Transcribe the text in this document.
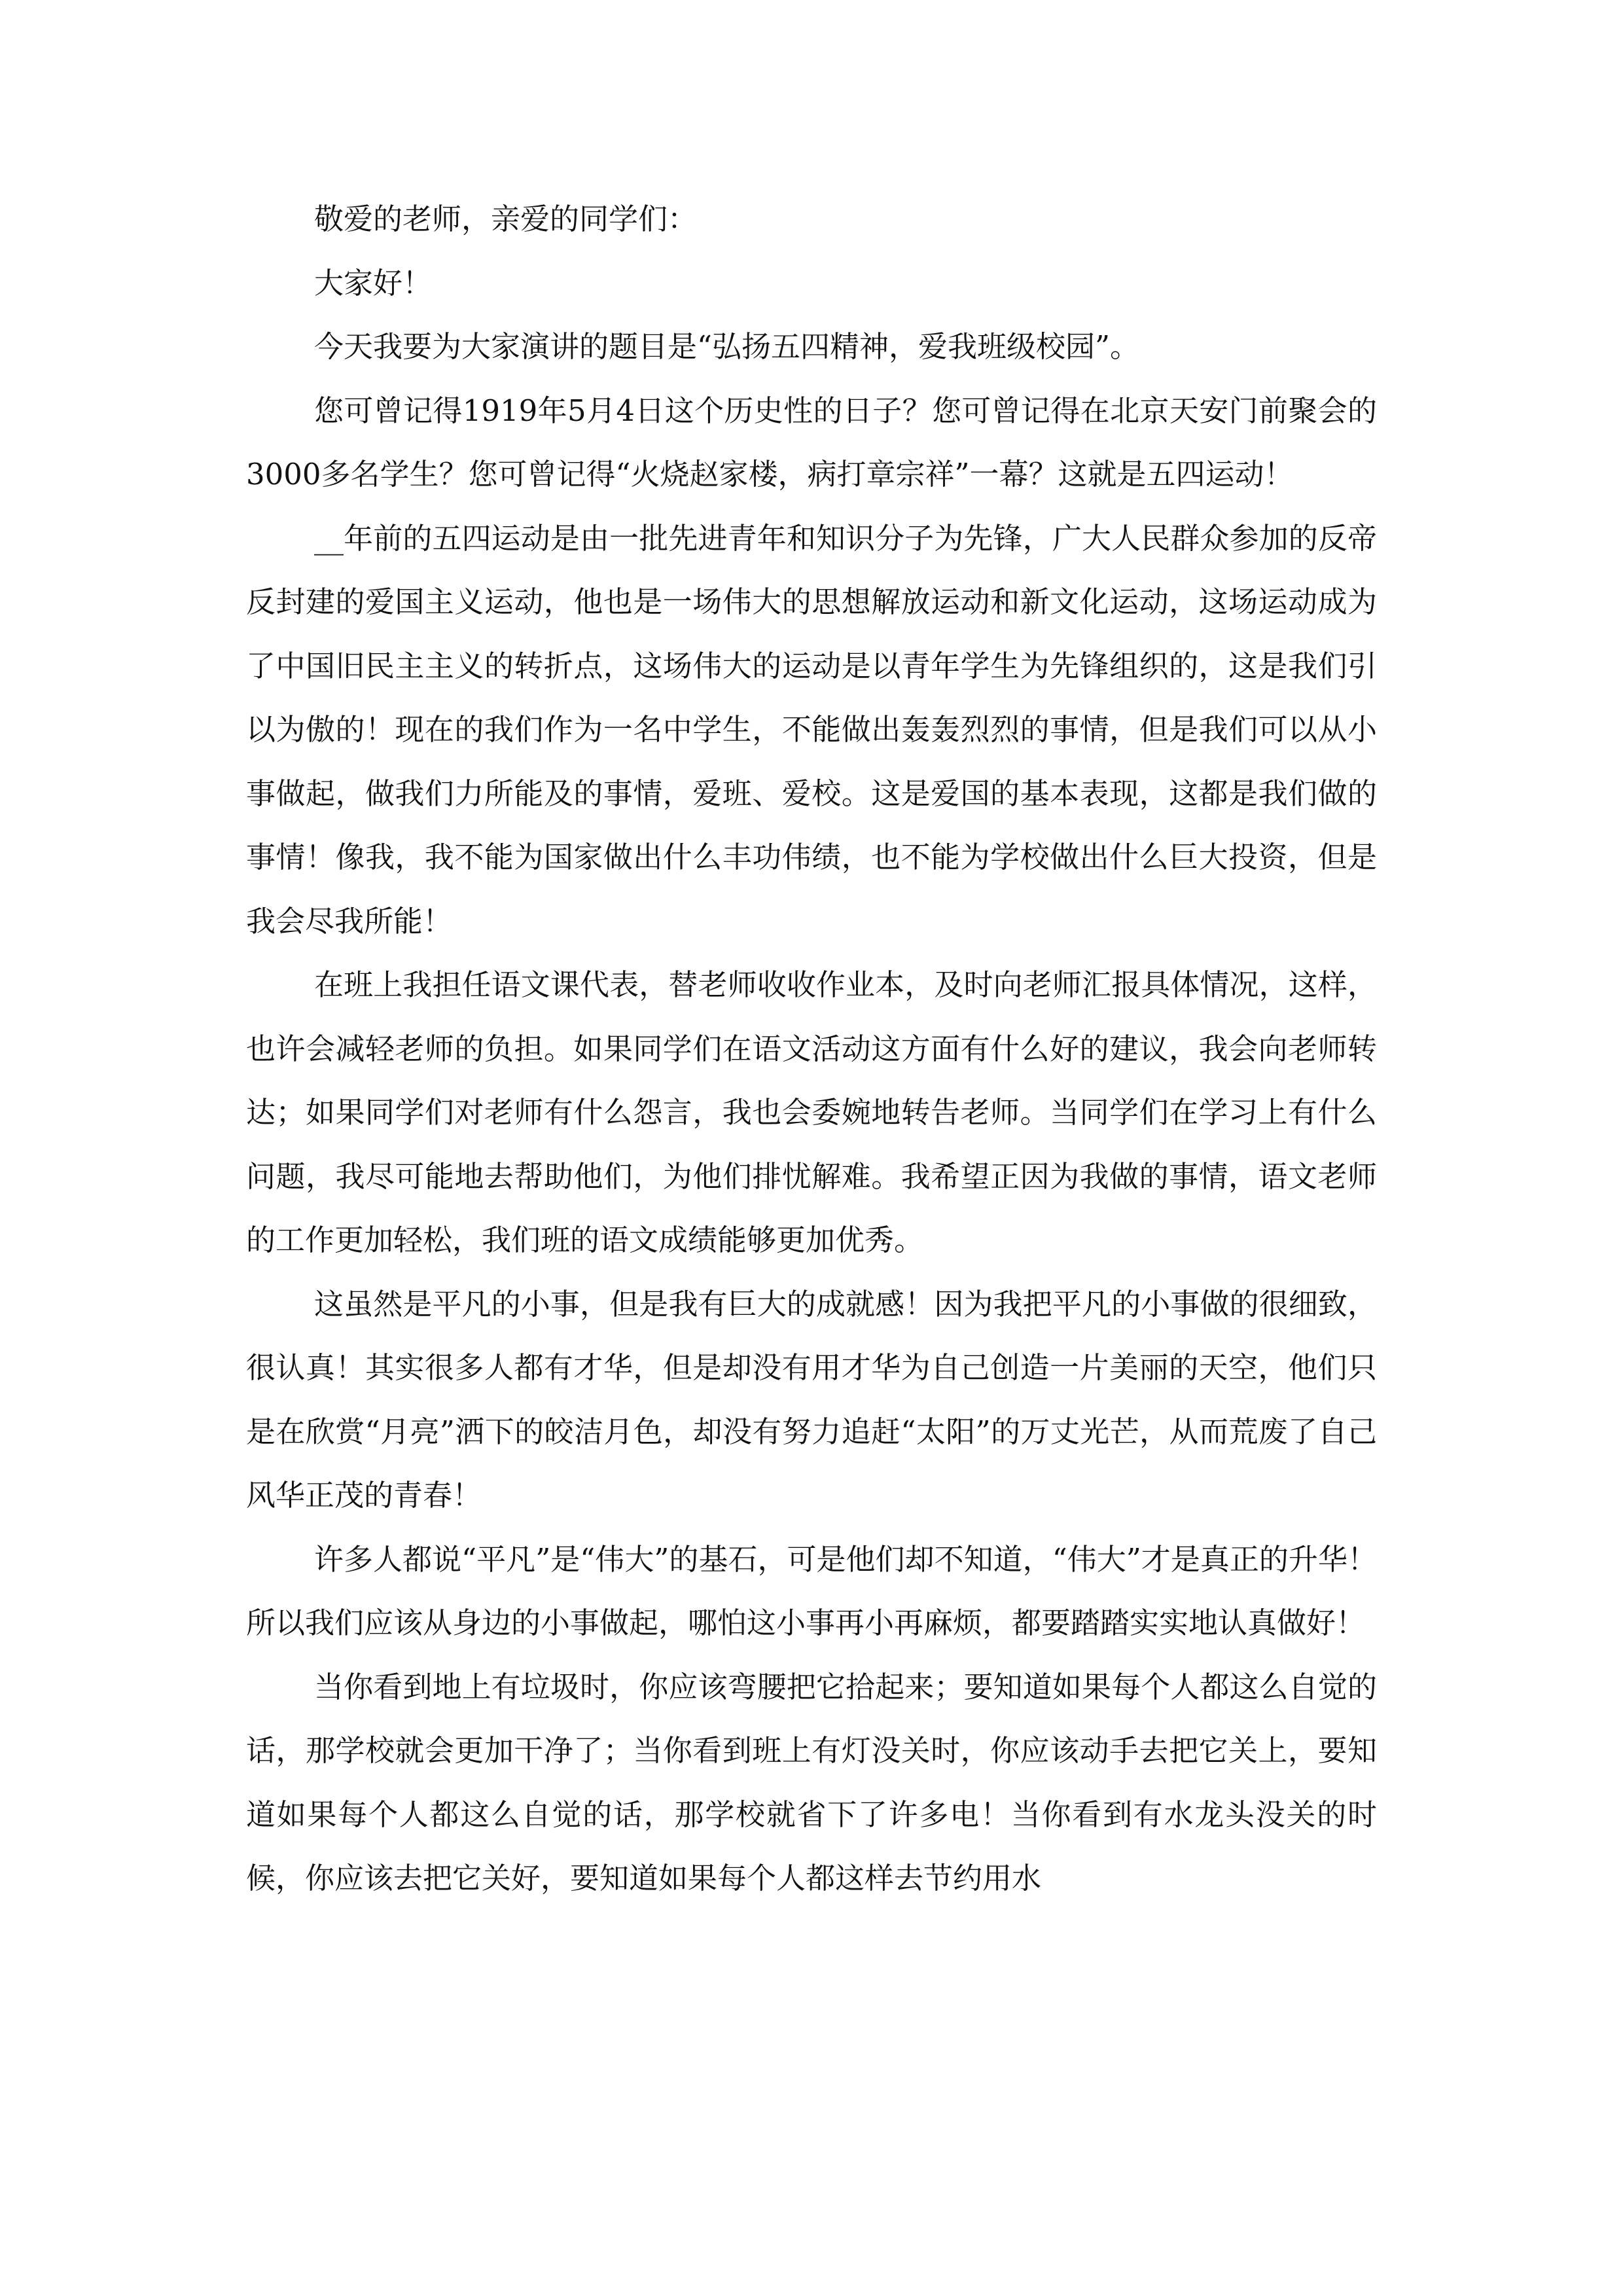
敬爱的老师，亲爱的同学们：

大家好！

今天我要为大家演讲的题目是“弘扬五四精神，爱我班级校园”。

您可曾记得1919年5月4日这个历史性的日子？您可曾记得在北京天安门前聚会的3000多名学生？您可曾记得“火烧赵家楼，病打章宗祥”一幕？这就是五四运动！

__年前的五四运动是由一批先进青年和知识分子为先锋，广大人民群众参加的反帝反封建的爱国主义运动，他也是一场伟大的思想解放运动和新文化运动，这场运动成为了中国旧民主主义的转折点，这场伟大的运动是以青年学生为先锋组织的，这是我们引以为傲的！现在的我们作为一名中学生，不能做出轰轰烈烈的事情，但是我们可以从小事做起，做我们力所能及的事情，爱班、爱校。这是爱国的基本表现，这都是我们做的事情！像我，我不能为国家做出什么丰功伟绩，也不能为学校做出什么巨大投资，但是我会尽我所能！

在班上我担任语文课代表，替老师收收作业本，及时向老师汇报具体情况，这样，也许会减轻老师的负担。如果同学们在语文活动这方面有什么好的建议，我会向老师转达；如果同学们对老师有什么怨言，我也会委婉地转告老师。当同学们在学习上有什么问题，我尽可能地去帮助他们，为他们排忧解难。我希望正因为我做的事情，语文老师的工作更加轻松，我们班的语文成绩能够更加优秀。

这虽然是平凡的小事，但是我有巨大的成就感！因为我把平凡的小事做的很细致，很认真！其实很多人都有才华，但是却没有用才华为自己创造一片美丽的天空，他们只是在欣赏“月亮”洒下的皎洁月色，却没有努力追赶“太阳”的万丈光芒，从而荒废了自己风华正茂的青春！

许多人都说“平凡”是“伟大”的基石，可是他们却不知道，“伟大”才是真正的升华！所以我们应该从身边的小事做起，哪怕这小事再小再麻烦，都要踏踏实实地认真做好！

当你看到地上有垃圾时，你应该弯腰把它拾起来；要知道如果每个人都这么自觉的话，那学校就会更加干净了；当你看到班上有灯没关时，你应该动手去把它关上，要知道如果每个人都这么自觉的话，那学校就省下了许多电！当你看到有水龙头没关的时候，你应该去把它关好，要知道如果每个人都这样去节约用水
